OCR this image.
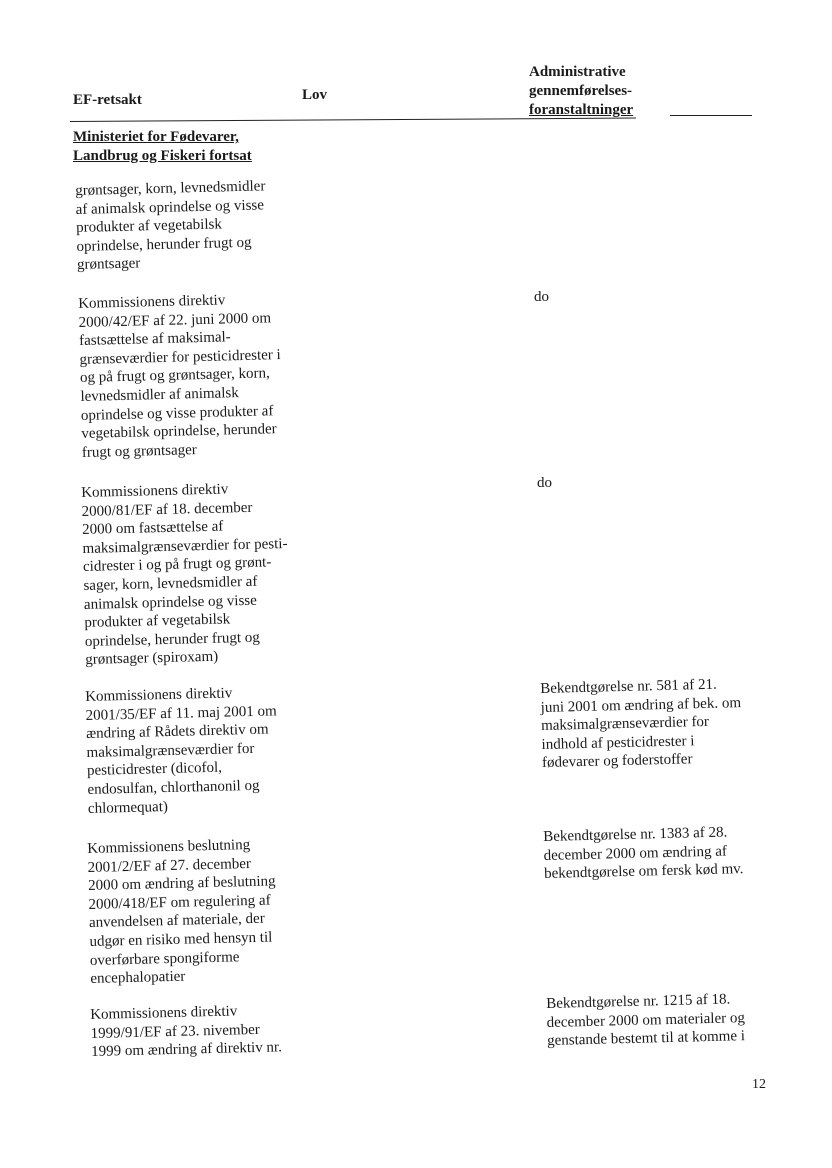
EF-retsakt	Lov
Administrative
gennemførelses-
foranstaltninger
Ministeriet for Fødevarer,
Landbrug og Fiskeri fortsat
grøntsager, korn, levnedsmidler
af animalsk oprindelse og visse
produkter af vegetabilsk
oprindelse, herunder frugt og
grøntsager
Kommissionens direktiv
2000/42/EF af 22. juni 2000 om
fastsættelse af maksimal-
grænseværdier for pesticidrester i
og på frugt og grøntsager, korn,
levnedsmidler af animalsk
oprindelse og visse produkter af
vegetabilsk oprindelse, herunder
frugt og grøntsager
do
Kommissionens direktiv
2000/81/EF af 18. december
2000 om fastsættelse af
maksimalgrænseværdier for pesti-
cidrester i og på frugt og grønt-
sager, korn, levnedsmidler af
animalsk oprindelse og visse
produkter af vegetabilsk
oprindelse, herunder frugt og
grøntsager (spiroxam)
do
Kommissionens direktiv
2001/35/EF af 11. maj 2001 om
ændring af Rådets direktiv om
maksimalgrænseværdier for
pesticidrester (dicofol,
endosulfan, chlorthanonil og
chlormequat)
Bekendtgørelse nr. 581 af 21.
juni 2001 om ændring af bek. om
maksimalgrænseværdier for
indhold af pesticidrester i
fødevarer og foderstoffer
Kommissionens beslutning
2001/2/EF af 27. december
2000 om ændring af beslutning
2000/418/EF om regulering af
anvendelsen af materiale, der
udgør en risiko med hensyn til
overførbare spongiforme
encephalopatier
Bekendtgørelse nr. 1383 af 28.
december 2000 om ændring af
bekendtgørelse om fersk kød mv.
Kommissionens direktiv
1999/91/EF af 23. nivember
1999 om ændring af direktiv nr.
Bekendtgørelse nr. 1215 af 18.
december 2000 om materialer og
genstande bestemt til at komme i
12
